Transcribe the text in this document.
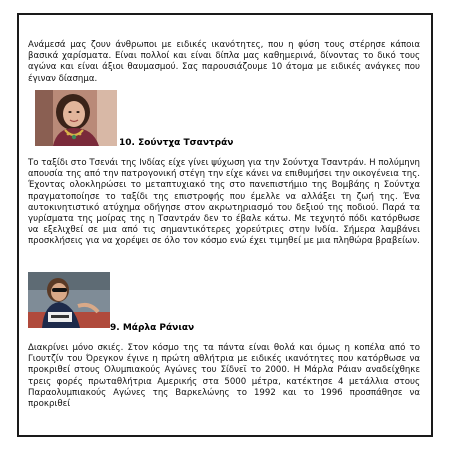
Ανάμεσά μας ζουν άνθρωποι με ειδικές ικανότητες, που η φύση τους στέρησε κάποια βασικά χαρίσματα. Είναι πολλοί και είναι δίπλα μας καθημερινά, δίνοντας το δικό τους αγώνα και είναι άξιοι θαυμασμού. Σας παρουσιάζουμε 10 άτομα με ειδικές ανάγκες που έγιναν δίασημα.

10. Σούντχα Τσαντράν

Το ταξίδι στο Τσενάι της Ινδίας είχε γίνει ψύχωση για την Σούντχα Τσαντράν. Η πολύμηνη απουσία της από την πατρογονική στέγη την είχε κάνει να επιθυμήσει την οικογένεια της. Έχοντας ολοκληρώσει το μεταπτυχιακό της στο πανεπιστήμιο της Βομβάης η Σούντχα πραγματοποίησε το ταξίδι της επιστροφής που έμελλε να αλλάξει τη ζωή της. Ένα αυτοκινητιστικό ατύχημα οδήγησε στον ακρωτηριασμό του δεξιού της ποδιού. Παρά τα γυρίσματα της μοίρας της η Τσαντράν δεν το έβαλε κάτω. Με τεχνητό πόδι κατόρθωσε να εξελιχθεί σε μια από τις σημαντικότερες χορεύτριες στην Ινδία. Σήμερα λαμβάνει προσκλήσεις για να χορέψει σε όλο τον κόσμο ενώ έχει τιμηθεί με μια πληθώρα βραβείων.

9. Μάρλα Ράνιαν

Διακρίνει μόνο σκιές. Στον κόσμο της τα πάντα είναι θολά και όμως η κοπέλα από το Γιουτζίν του Όρεγκον έγινε η πρώτη αθλήτρια με ειδικές ικανότητες που κατόρθωσε να προκριθεί στους Ολυμπιακούς Αγώνες του Σίδνεϊ το 2000. Η Μάρλα Ράιαν αναδείχθηκε τρεις φορές πρωταθλήτρια Αμερικής στα 5000 μέτρα, κατέκτησε 4 μετάλλια στους Παραολυμπιακούς Αγώνες της Βαρκελώνης το 1992 και το 1996 προσπάθησε να προκριθεί
